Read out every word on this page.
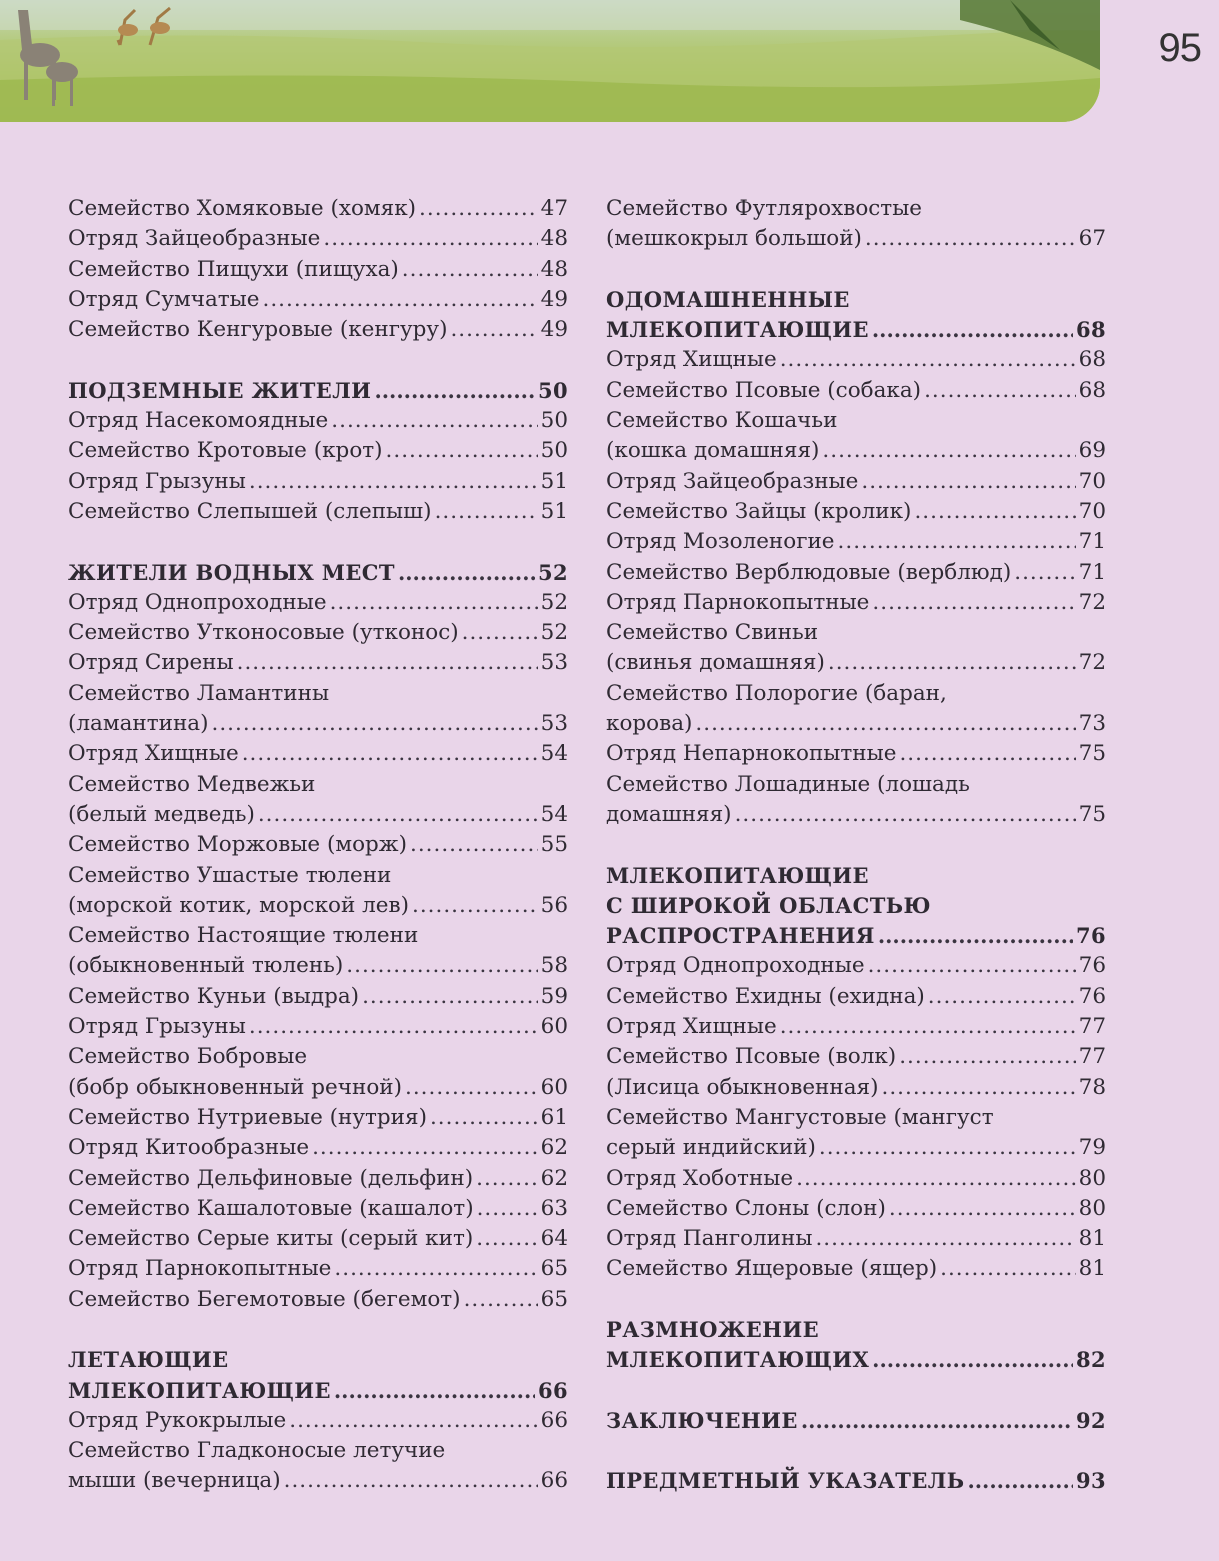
95
Семейство Хомяковые (хомяк) .....	47
Отряд Зайцеобразные .....	48
Семейство Пищухи (пищуха) .....	48
Отряд Сумчатые .....	49
Семейство Кенгуровые (кенгуру) .....	49
ПОДЗЕМНЫЕ ЖИТЕЛИ .....	50
Отряд Насекомоядные .....	50
Семейство Кротовые (крот) .....	50
Отряд Грызуны .....	51
Семейство Слепышей (слепыш) .....	51
ЖИТЕЛИ ВОДНЫХ МЕСТ .....	52
Отряд Однопроходные .....	52
Семейство Утконосовые (утконос) .....	52
Отряд Сирены .....	53
Семейство Ламантины
(ламантина) .....	53
Отряд Хищные .....	54
Семейство Медвежьи
(белый медведь) .....	54
Семейство Моржовые (морж) .....	55
Семейство Ушастые тюлени
(морской котик, морской лев) .....	56
Семейство Настоящие тюлени
(обыкновенный тюлень) .....	58
Семейство Куньи (выдра) .....	59
Отряд Грызуны .....	60
Семейство Бобровые
(бобр обыкновенный речной) .....	60
Семейство Нутриевые (нутрия) .....	61
Отряд Китообразные .....	62
Семейство Дельфиновые (дельфин) .....	62
Семейство Кашалотовые (кашалот) .....	63
Семейство Серые киты (серый кит) .....	64
Отряд Парнокопытные .....	65
Семейство Бегемотовые (бегемот) .....	65
ЛЕТАЮЩИЕ
МЛЕКОПИТАЮЩИЕ .....	66
Отряд Рукокрылые .....	66
Семейство Гладконосые летучие
мыши (вечерница) .....	66
Семейство Футлярохвостые
(мешкокрыл большой) .....	67
ОДОМАШНЕННЫЕ
МЛЕКОПИТАЮЩИЕ .....	68
Отряд Хищные .....	68
Семейство Псовые (собака) .....	68
Семейство Кошачьи
(кошка домашняя) .....	69
Отряд Зайцеобразные .....	70
Семейство Зайцы (кролик) .....	70
Отряд Мозоленогие .....	71
Семейство Верблюдовые (верблюд) .....	71
Отряд Парнокопытные .....	72
Семейство Свиньи
(свинья домашняя) .....	72
Семейство Полорогие (баран,
корова) .....	73
Отряд Непарнокопытные .....	75
Семейство Лошадиные (лошадь
домашняя) .....	75
МЛЕКОПИТАЮЩИЕ
С ШИРОКОЙ ОБЛАСТЬЮ
РАСПРОСТРАНЕНИЯ .....	76
Отряд Однопроходные .....	76
Семейство Ехидны (ехидна) .....	76
Отряд Хищные .....	77
Семейство Псовые (волк) .....	77
(Лисица обыкновенная) .....	78
Семейство Мангустовые (мангуст
серый индийский) .....	79
Отряд Хоботные .....	80
Семейство Слоны (слон) .....	80
Отряд Панголины .....	81
Семейство Ящеровые (ящер) .....	81
РАЗМНОЖЕНИЕ
МЛЕКОПИТАЮЩИХ .....	82
ЗАКЛЮЧЕНИЕ .....	92
ПРЕДМЕТНЫЙ УКАЗАТЕЛЬ .....	93
